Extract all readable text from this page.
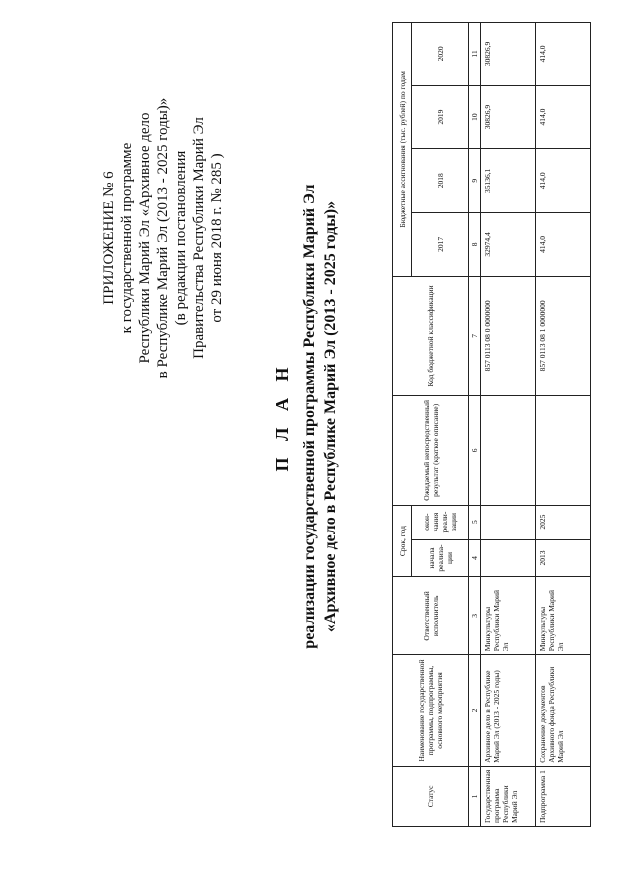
ПРИЛОЖЕНИЕ № 6 к государственной программе Республики Марий Эл «Архивное дело в Республике Марий Эл (2013 - 2025 годы)» (в редакции постановления Правительства Республики Марий Эл от 29 июня 2018 г. № 285 )
П Л А Н реализации государственной программы Республики Марий Эл «Архивное дело в Республике Марий Эл (2013 - 2025 годы)»
Статус	Наименование государственной программы, подпрограммы, основного мероприятия	Ответственный исполнитель	Срок, год		Ожидаемый непосредственный результат (краткое описание)	Код бюджетной классификации	Бюджетные ассигнования (тыс. рублей) по годам			
			начала реализа-ции	окон-чания реали-зации			2017	2018	2019	2020
1	2	3	4	5	6	7	8	9	10	11
Государственная программа Республики Марий Эл	Архивное дело в Республике Марий Эл (2013 - 2025 годы)	Минкультуры Республики Марий Эл				857 0113 08 0 0000000	32974,4	35136,1	30826,9	30826,9
Подпрограмма 1	Сохранение документов Архивного фонда Республики Марий Эл	Минкультуры Республики Марий Эл	2013	2025		857 0113 08 1 0000000	414,0	414,0	414,0	414,0
